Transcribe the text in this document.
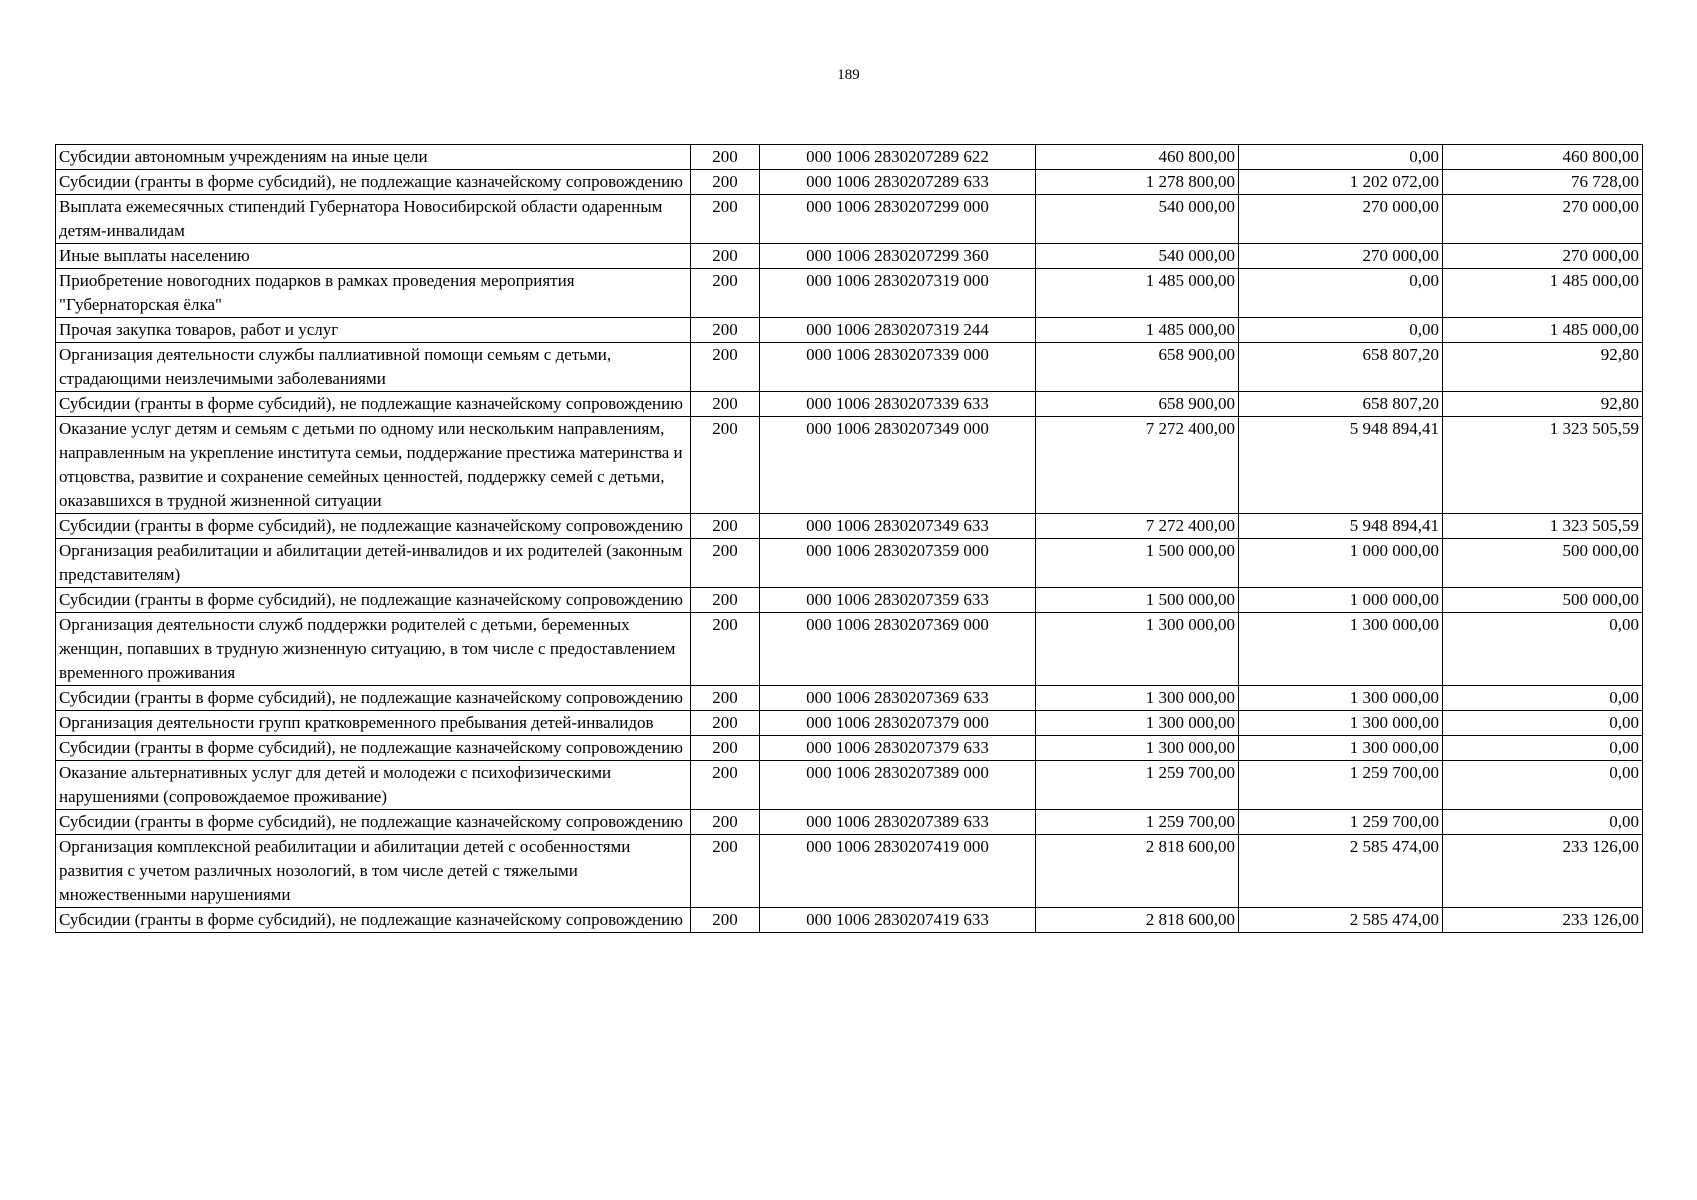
189
Субсидии автономным учреждениям на иные цели	200	000 1006 2830207289 622	460 800,00	0,00	460 800,00
Субсидии (гранты в форме субсидий), не подлежащие казначейскому сопровождению	200	000 1006 2830207289 633	1 278 800,00	1 202 072,00	76 728,00
Выплата ежемесячных стипендий Губернатора Новосибирской области одаренным детям-инвалидам	200	000 1006 2830207299 000	540 000,00	270 000,00	270 000,00
Иные выплаты населению	200	000 1006 2830207299 360	540 000,00	270 000,00	270 000,00
Приобретение новогодних подарков в рамках проведения мероприятия "Губернаторская ёлка"	200	000 1006 2830207319 000	1 485 000,00	0,00	1 485 000,00
Прочая закупка товаров, работ и услуг	200	000 1006 2830207319 244	1 485 000,00	0,00	1 485 000,00
Организация деятельности службы паллиативной помощи семьям с детьми, страдающими неизлечимыми заболеваниями	200	000 1006 2830207339 000	658 900,00	658 807,20	92,80
Субсидии (гранты в форме субсидий), не подлежащие казначейскому сопровождению	200	000 1006 2830207339 633	658 900,00	658 807,20	92,80
Оказание услуг детям и семьям с детьми по одному или нескольким направлениям, направленным на укрепление института семьи, поддержание престижа материнства и отцовства, развитие и сохранение семейных ценностей, поддержку семей с детьми, оказавшихся в трудной жизненной ситуации	200	000 1006 2830207349 000	7 272 400,00	5 948 894,41	1 323 505,59
Субсидии (гранты в форме субсидий), не подлежащие казначейскому сопровождению	200	000 1006 2830207349 633	7 272 400,00	5 948 894,41	1 323 505,59
Организация реабилитации и абилитации детей-инвалидов и их родителей (законным представителям)	200	000 1006 2830207359 000	1 500 000,00	1 000 000,00	500 000,00
Субсидии (гранты в форме субсидий), не подлежащие казначейскому сопровождению	200	000 1006 2830207359 633	1 500 000,00	1 000 000,00	500 000,00
Организация деятельности служб поддержки родителей с детьми, беременных женщин, попавших в трудную жизненную ситуацию, в том числе с предоставлением временного проживания	200	000 1006 2830207369 000	1 300 000,00	1 300 000,00	0,00
Субсидии (гранты в форме субсидий), не подлежащие казначейскому сопровождению	200	000 1006 2830207369 633	1 300 000,00	1 300 000,00	0,00
Организация деятельности групп кратковременного пребывания детей-инвалидов	200	000 1006 2830207379 000	1 300 000,00	1 300 000,00	0,00
Субсидии (гранты в форме субсидий), не подлежащие казначейскому сопровождению	200	000 1006 2830207379 633	1 300 000,00	1 300 000,00	0,00
Оказание альтернативных услуг для детей и молодежи с психофизическими нарушениями (сопровождаемое проживание)	200	000 1006 2830207389 000	1 259 700,00	1 259 700,00	0,00
Субсидии (гранты в форме субсидий), не подлежащие казначейскому сопровождению	200	000 1006 2830207389 633	1 259 700,00	1 259 700,00	0,00
Организация комплексной реабилитации и абилитации детей с особенностями развития с учетом различных нозологий, в том числе детей с тяжелыми множественными нарушениями	200	000 1006 2830207419 000	2 818 600,00	2 585 474,00	233 126,00
Субсидии (гранты в форме субсидий), не подлежащие казначейскому сопровождению	200	000 1006 2830207419 633	2 818 600,00	2 585 474,00	233 126,00
